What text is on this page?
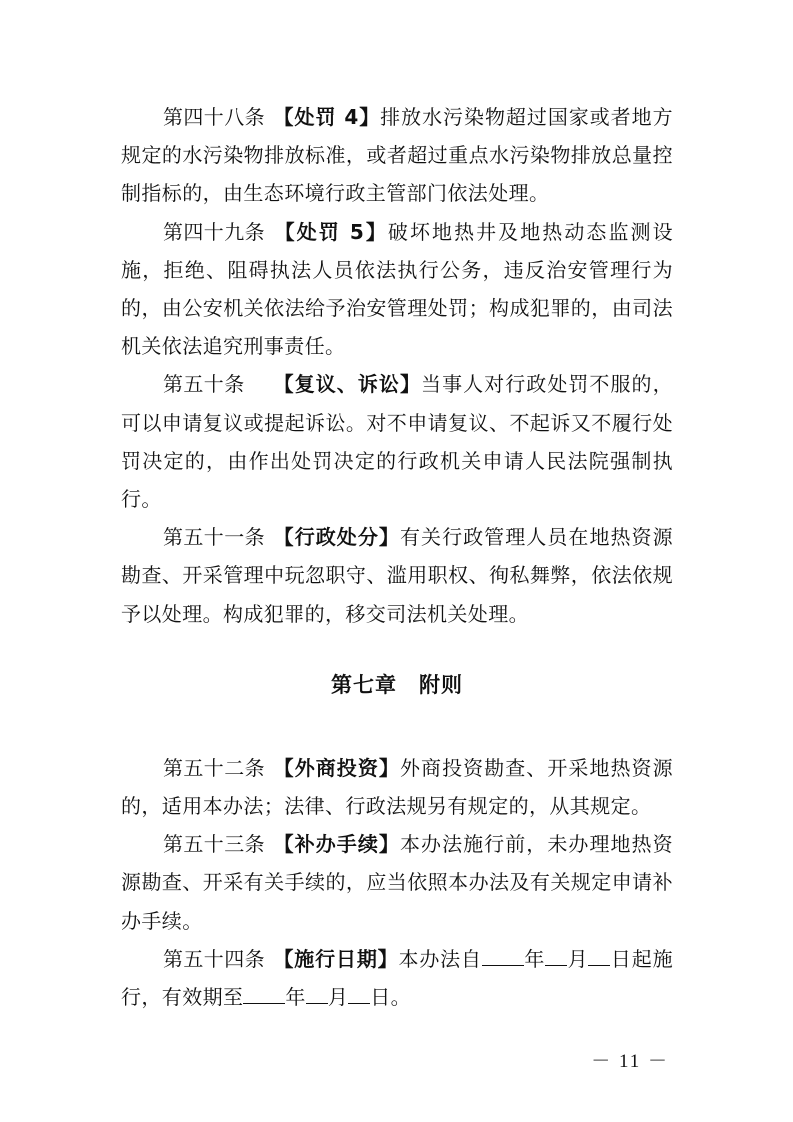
第四十八条 【处罚 4】排放水污染物超过国家或者地方规定的水污染物排放标准，或者超过重点水污染物排放总量控制指标的，由生态环境行政主管部门依法处理。

第四十九条 【处罚 5】破坏地热井及地热动态监测设施，拒绝、阻碍执法人员依法执行公务，违反治安管理行为的，由公安机关依法给予治安管理处罚；构成犯罪的，由司法机关依法追究刑事责任。

第五十条 【复议、诉讼】当事人对行政处罚不服的，可以申请复议或提起诉讼。对不申请复议、不起诉又不履行处罚决定的，由作出处罚决定的行政机关申请人民法院强制执行。

第五十一条 【行政处分】有关行政管理人员在地热资源勘查、开采管理中玩忽职守、滥用职权、徇私舞弊，依法依规予以处理。构成犯罪的，移交司法机关处理。

第七章　附则

第五十二条 【外商投资】外商投资勘查、开采地热资源的，适用本办法；法律、行政法规另有规定的，从其规定。

第五十三条 【补办手续】本办法施行前，未办理地热资源勘查、开采有关手续的，应当依照本办法及有关规定申请补办手续。

第五十四条 【施行日期】本办法自 年 月 日起施行，有效期至 年 月 日。

－ 11 －
